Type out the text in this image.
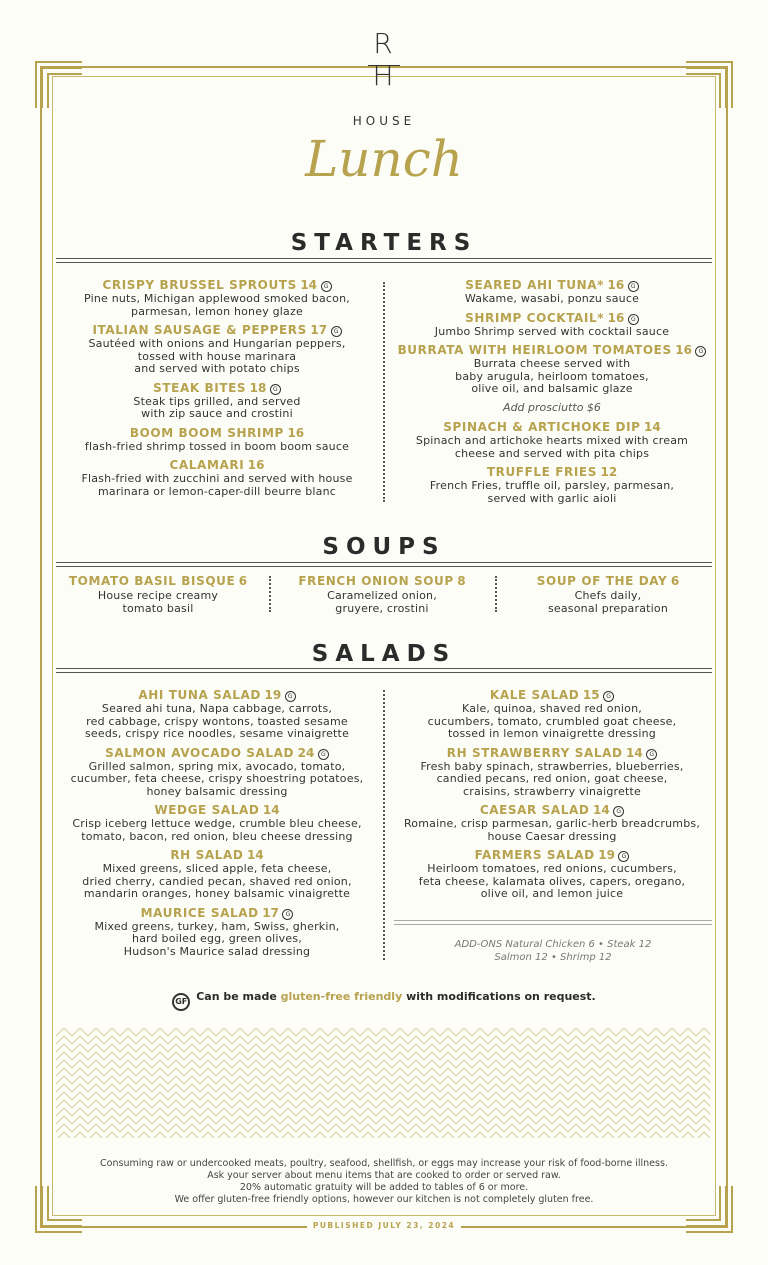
R
H
HOUSE
Lunch
STARTERS
CRISPY BRUSSEL SPROUTS 14 G
Pine nuts, Michigan applewood smoked bacon,
parmesan, lemon honey glaze
ITALIAN SAUSAGE & PEPPERS 17 G
Sautéed with onions and Hungarian peppers,
tossed with house marinara
and served with potato chips
STEAK BITES 18 G
Steak tips grilled, and served
with zip sauce and crostini
BOOM BOOM SHRIMP 16
flash-fried shrimp tossed in boom boom sauce
CALAMARI 16
Flash-fried with zucchini and served with house
marinara or lemon-caper-dill beurre blanc
SEARED AHI TUNA* 16 G
Wakame, wasabi, ponzu sauce
SHRIMP COCKTAIL* 16 G
Jumbo Shrimp served with cocktail sauce
BURRATA WITH HEIRLOOM TOMATOES 16 G
Burrata cheese served with
baby arugula, heirloom tomatoes,
olive oil, and balsamic glaze
Add prosciutto $6
SPINACH & ARTICHOKE DIP 14
Spinach and artichoke hearts mixed with cream
cheese and served with pita chips
TRUFFLE FRIES 12
French Fries, truffle oil, parsley, parmesan,
served with garlic aioli
SOUPS
TOMATO BASIL BISQUE 6
House recipe creamy
tomato basil
FRENCH ONION SOUP 8
Caramelized onion,
gruyere, crostini
SOUP OF THE DAY 6
Chefs daily,
seasonal preparation
SALADS
AHI TUNA SALAD 19 G
Seared ahi tuna, Napa cabbage, carrots,
red cabbage, crispy wontons, toasted sesame
seeds, crispy rice noodles, sesame vinaigrette
SALMON AVOCADO SALAD 24 G
Grilled salmon, spring mix, avocado, tomato,
cucumber, feta cheese, crispy shoestring potatoes,
honey balsamic dressing
WEDGE SALAD 14
Crisp iceberg lettuce wedge, crumble bleu cheese,
tomato, bacon, red onion, bleu cheese dressing
RH SALAD 14
Mixed greens, sliced apple, feta cheese,
dried cherry, candied pecan, shaved red onion,
mandarin oranges, honey balsamic vinaigrette
MAURICE SALAD 17 G
Mixed greens, turkey, ham, Swiss, gherkin,
hard boiled egg, green olives,
Hudson's Maurice salad dressing
KALE SALAD 15 G
Kale, quinoa, shaved red onion,
cucumbers, tomato, crumbled goat cheese,
tossed in lemon vinaigrette dressing
RH STRAWBERRY SALAD 14 G
Fresh baby spinach, strawberries, blueberries,
candied pecans, red onion, goat cheese,
craisins, strawberry vinaigrette
CAESAR SALAD 14 G
Romaine, crisp parmesan, garlic-herb breadcrumbs,
house Caesar dressing
FARMERS SALAD 19 G
Heirloom tomatoes, red onions, cucumbers,
feta cheese, kalamata olives, capers, oregano,
olive oil, and lemon juice
ADD-ONS Natural Chicken 6 • Steak 12
Salmon 12 • Shrimp 12
GF Can be made gluten-free friendly with modifications on request.
Consuming raw or undercooked meats, poultry, seafood, shellfish, or eggs may increase your risk of food-borne illness.
Ask your server about menu items that are cooked to order or served raw.
20% automatic gratuity will be added to tables of 6 or more.
We offer gluten-free friendly options, however our kitchen is not completely gluten free.
PUBLISHED JULY 23, 2024
